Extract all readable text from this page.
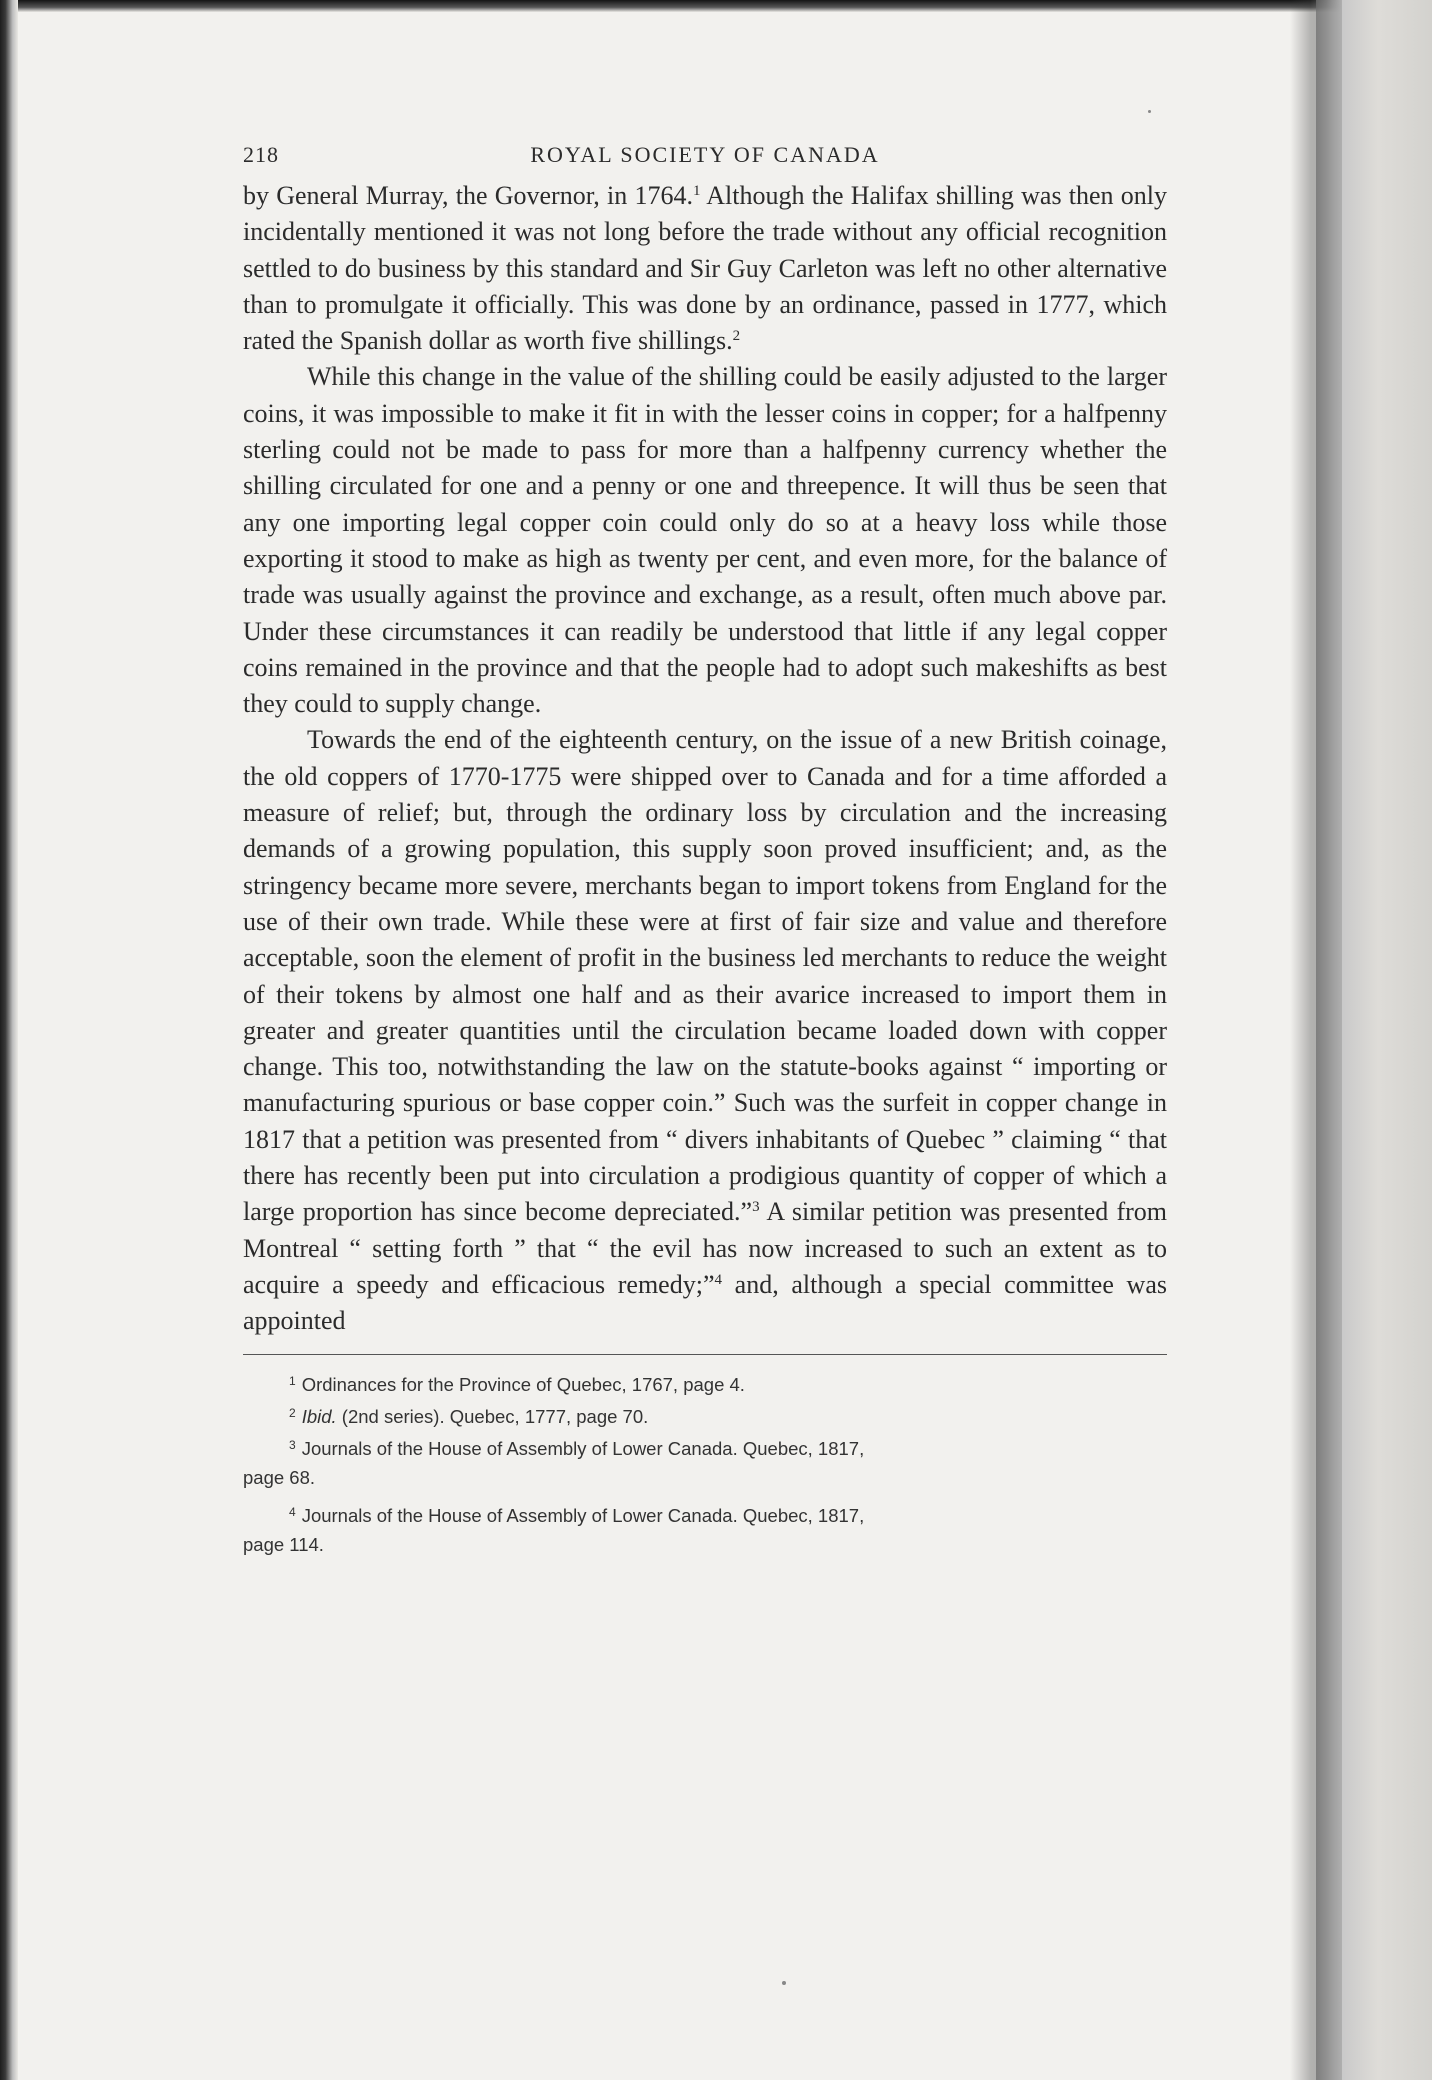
218	ROYAL SOCIETY OF CANADA

by General Murray, the Governor, in 1764.$^1$ Although the Halifax shilling was then only incidentally mentioned it was not long before the trade without any official recognition settled to do business by this standard and Sir Guy Carleton was left no other alternative than to promulgate it officially. This was done by an ordinance, passed in 1777, which rated the Spanish dollar as worth five shillings.$^2$

While this change in the value of the shilling could be easily adjusted to the larger coins, it was impossible to make it fit in with the lesser coins in copper; for a halfpenny sterling could not be made to pass for more than a halfpenny currency whether the shilling circulated for one and a penny or one and threepence. It will thus be seen that any one importing legal copper coin could only do so at a heavy loss while those exporting it stood to make as high as twenty per cent, and even more, for the balance of trade was usually against the province and exchange, as a result, often much above par. Under these circumstances it can readily be understood that little if any legal copper coins remained in the province and that the people had to adopt such makeshifts as best they could to supply change.

Towards the end of the eighteenth century, on the issue of a new British coinage, the old coppers of 1770-1775 were shipped over to Canada and for a time afforded a measure of relief; but, through the ordinary loss by circulation and the increasing demands of a growing population, this supply soon proved insufficient; and, as the stringency became more severe, merchants began to import tokens from England for the use of their own trade. While these were at first of fair size and value and therefore acceptable, soon the element of profit in the business led merchants to reduce the weight of their tokens by almost one half and as their avarice increased to import them in greater and greater quantities until the circulation became loaded down with copper change. This too, notwithstanding the law on the statute-books against “ importing or manufacturing spurious or base copper coin.” Such was the surfeit in copper change in 1817 that a petition was presented from “ divers inhabitants of Quebec ” claiming “ that there has recently been put into circulation a prodigious quantity of copper of which a large proportion has since become depreciated.”$^3$ A similar petition was presented from Montreal “ setting forth ” that “ the evil has now increased to such an extent as to acquire a speedy and efficacious remedy;”$^4$ and, although a special committee was appointed

$^1$ Ordinances for the Province of Quebec, 1767, page 4.
$^2$ Ibid. (2nd series). Quebec, 1777, page 70.
$^3$ Journals of the House of Assembly of Lower Canada. Quebec, 1817,
page 68.
$^4$ Journals of the House of Assembly of Lower Canada. Quebec, 1817,
page 114.
